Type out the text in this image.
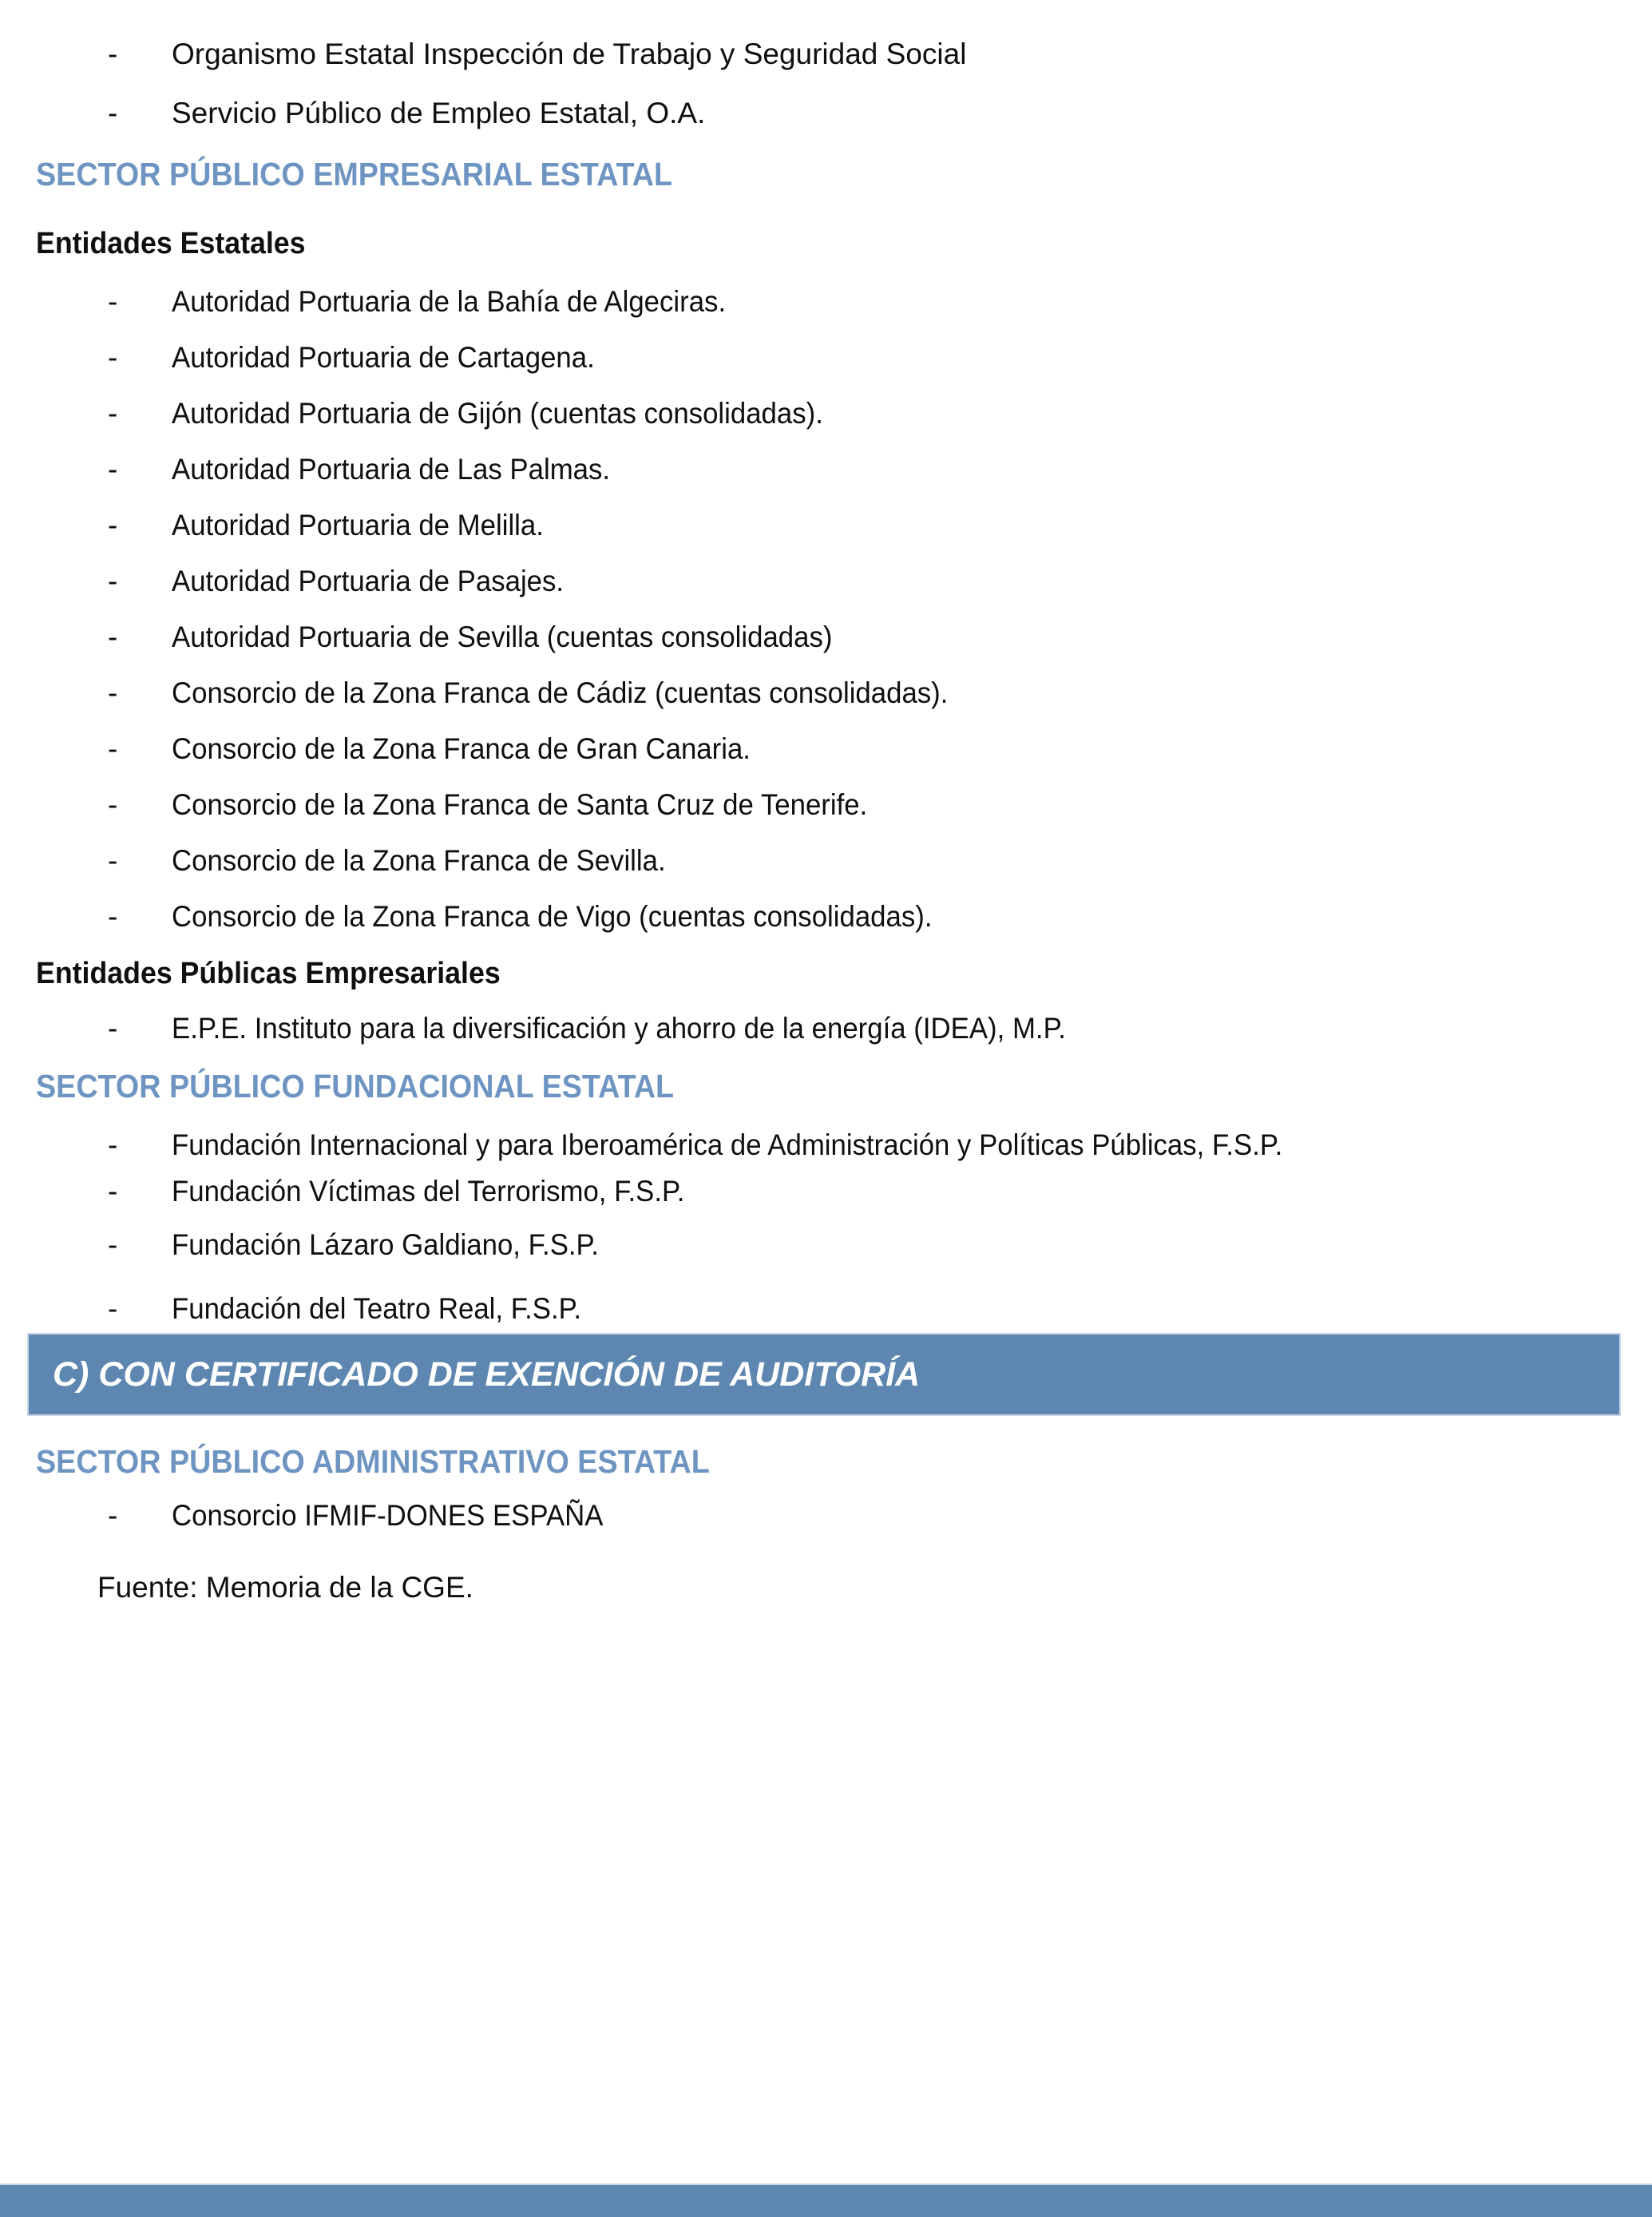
-	Organismo Estatal Inspección de Trabajo y Seguridad Social
-	Servicio Público de Empleo Estatal, O.A.
SECTOR PÚBLICO EMPRESARIAL ESTATAL
Entidades Estatales
-	Autoridad Portuaria de la Bahía de Algeciras.
-	Autoridad Portuaria de Cartagena.
-	Autoridad Portuaria de Gijón (cuentas consolidadas).
-	Autoridad Portuaria de Las Palmas.
-	Autoridad Portuaria de Melilla.
-	Autoridad Portuaria de Pasajes.
-	Autoridad Portuaria de Sevilla (cuentas consolidadas)
-	Consorcio de la Zona Franca de Cádiz (cuentas consolidadas).
-	Consorcio de la Zona Franca de Gran Canaria.
-	Consorcio de la Zona Franca de Santa Cruz de Tenerife.
-	Consorcio de la Zona Franca de Sevilla.
-	Consorcio de la Zona Franca de Vigo (cuentas consolidadas).
Entidades Públicas Empresariales
-	E.P.E. Instituto para la diversificación y ahorro de la energía (IDEA), M.P.
SECTOR PÚBLICO FUNDACIONAL ESTATAL
-	Fundación Internacional y para Iberoamérica de Administración y Políticas Públicas, F.S.P.
-	Fundación Víctimas del Terrorismo, F.S.P.
-	Fundación Lázaro Galdiano, F.S.P.
-	Fundación del Teatro Real, F.S.P.
C) CON CERTIFICADO DE EXENCIÓN DE AUDITORÍA
SECTOR PÚBLICO ADMINISTRATIVO ESTATAL
-	Consorcio IFMIF-DONES ESPAÑA

Fuente: Memoria de la CGE.
